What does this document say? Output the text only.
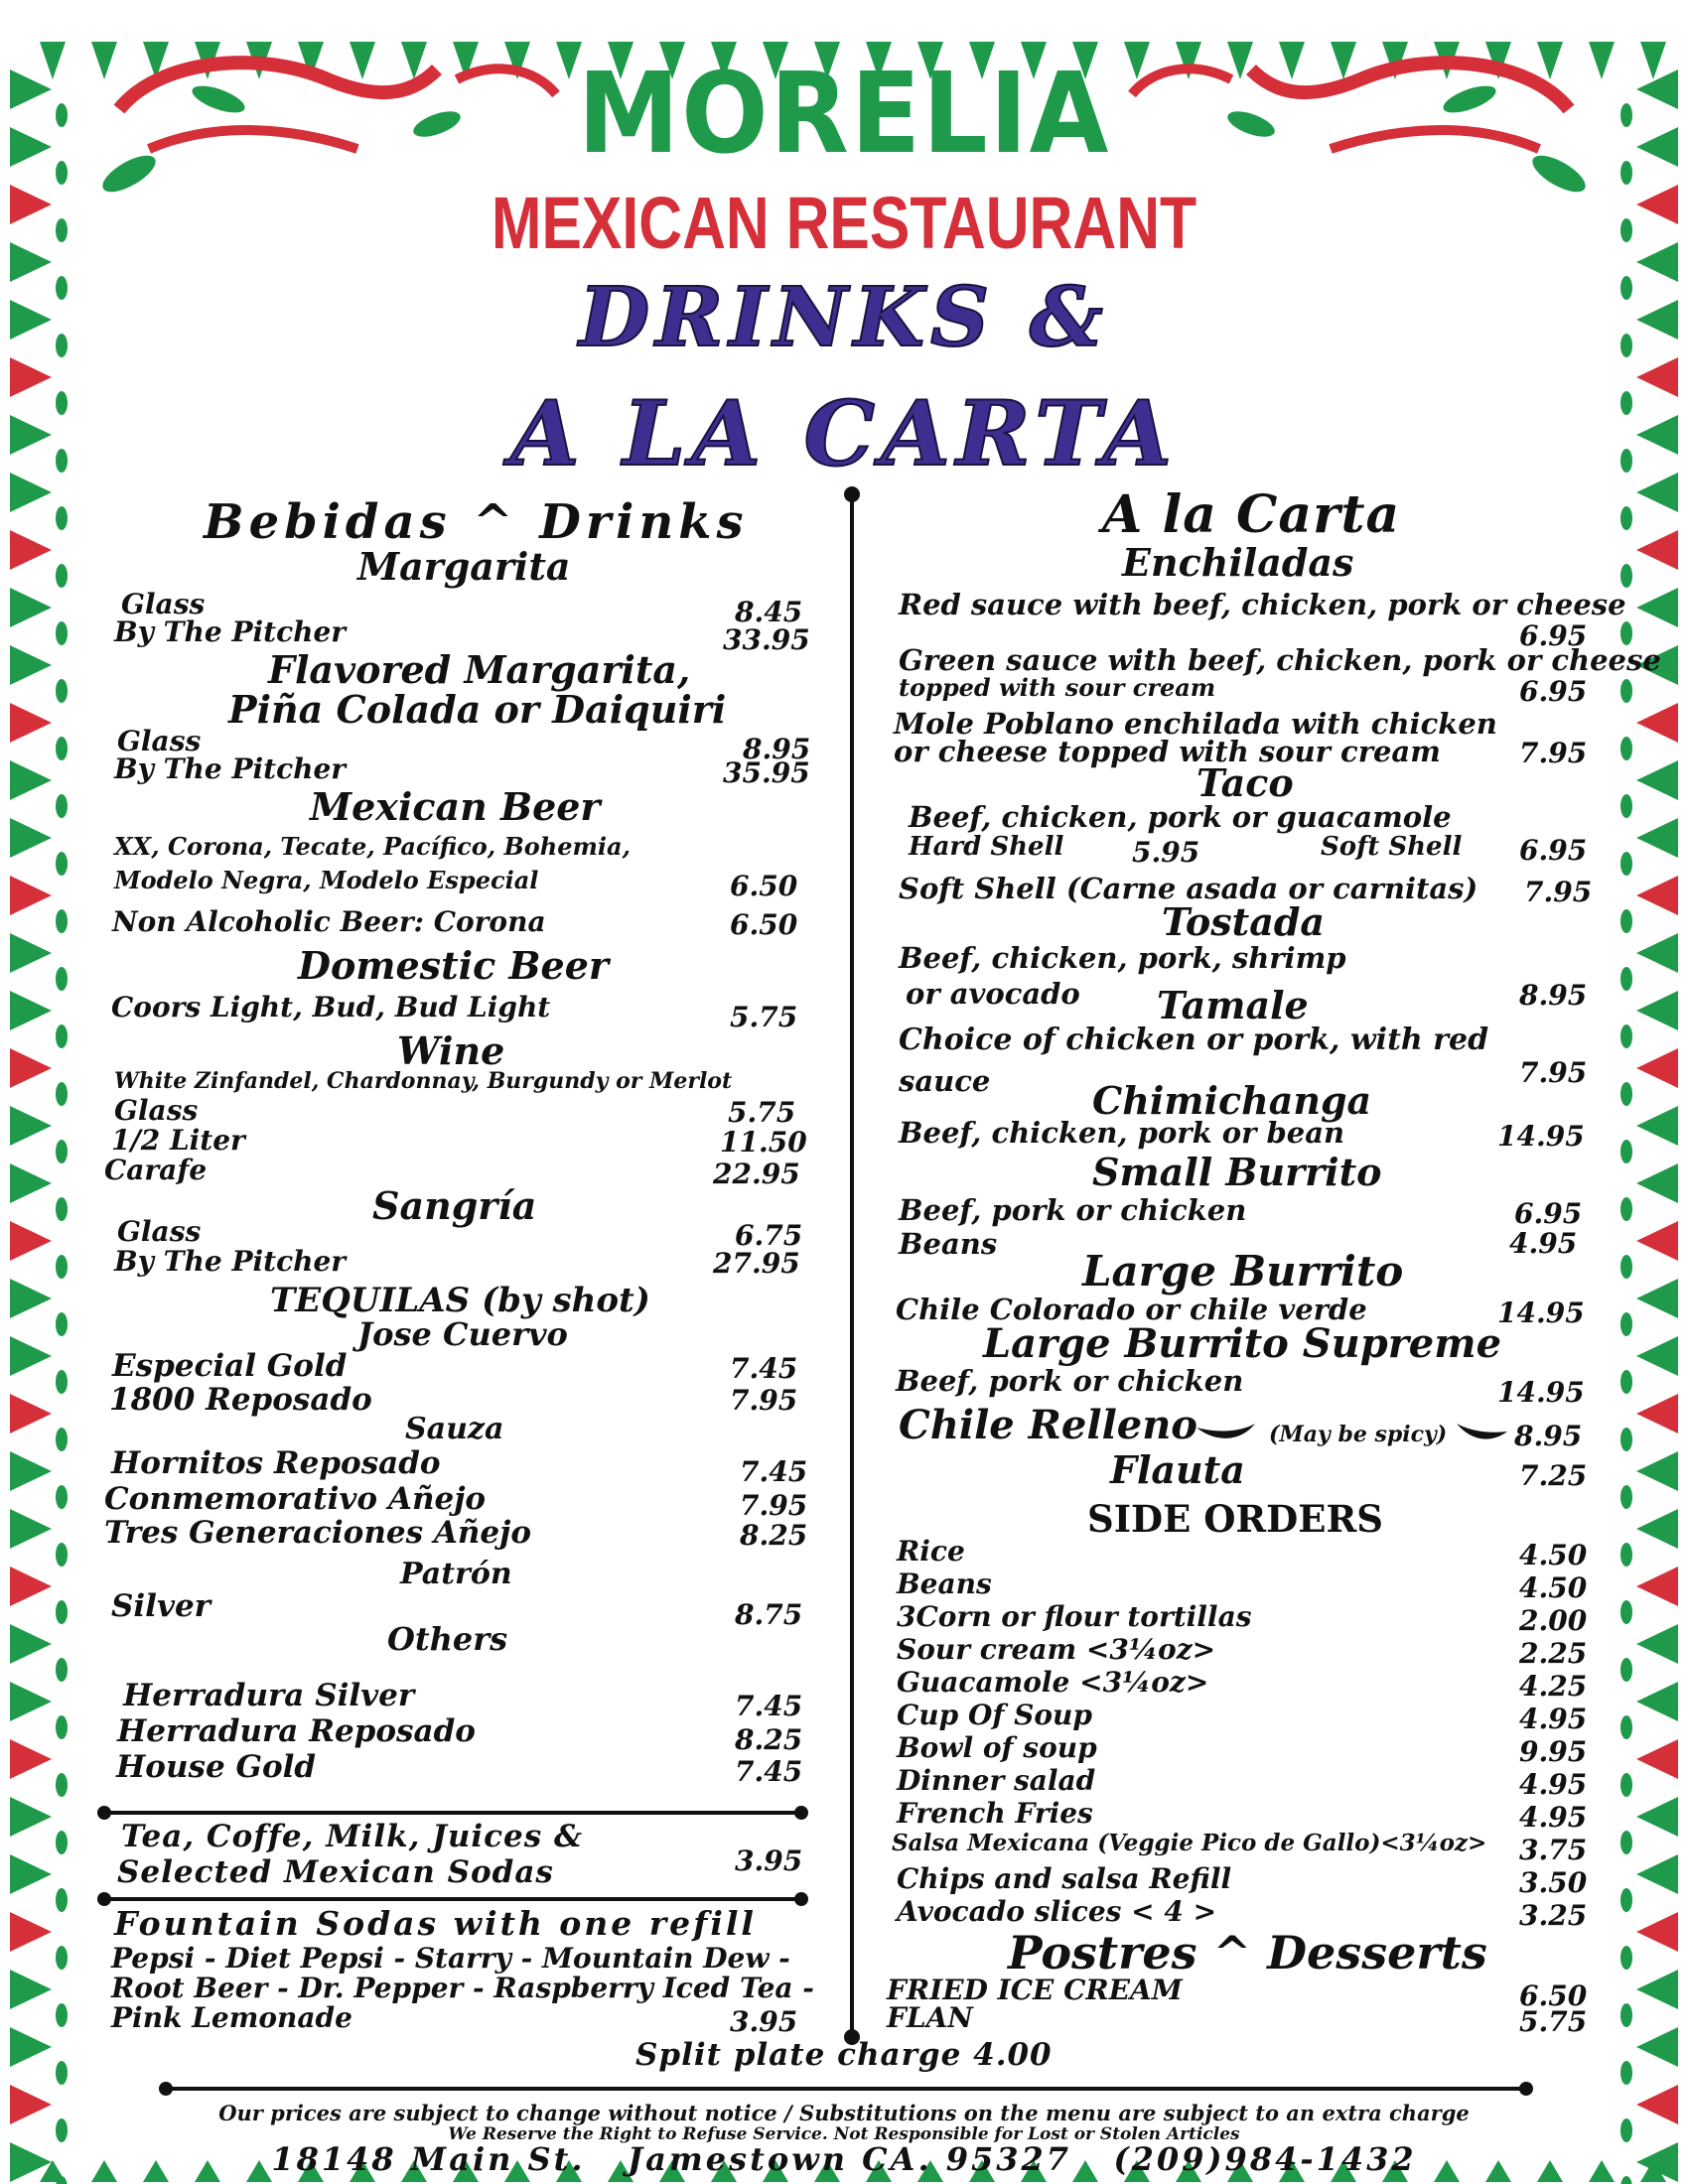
MORELIA
MEXICAN RESTAURANT
DRINKS &
A LA CARTA
Bebidas ^ Drinks
Margarita
Glass	8.45
By The Pitcher	33.95
Flavored Margarita,
Piña Colada or Daiquiri
Glass	8.95
By The Pitcher	35.95
Mexican Beer
XX, Corona, Tecate, Pacífico, Bohemia,
Modelo Negra, Modelo Especial	6.50
Non Alcoholic Beer: Corona	6.50
Domestic Beer
Coors Light, Bud, Bud Light	5.75
Wine
White Zinfandel, Chardonnay, Burgundy or Merlot
Glass	5.75
1/2 Liter	11.50
Carafe	22.95
Sangría
Glass	6.75
By The Pitcher	27.95
TEQUILAS (by shot)
Jose Cuervo
Especial Gold	7.45
1800 Reposado	7.95
Sauza
Hornitos Reposado	7.45
Conmemorativo Añejo	7.95
Tres Generaciones Añejo	8.25
Patrón
Silver	8.75
Others
Herradura Silver	7.45
Herradura Reposado	8.25
House Gold	7.45
Tea, Coffe, Milk, Juices &
Selected Mexican Sodas	3.95
Fountain Sodas with one refill
Pepsi - Diet Pepsi - Starry - Mountain Dew -
Root Beer - Dr. Pepper - Raspberry Iced Tea -
Pink Lemonade	3.95
A la Carta
Enchiladas
Red sauce with beef, chicken, pork or cheese
6.95
Green sauce with beef, chicken, pork or cheese
topped with sour cream	6.95
Mole Poblano enchilada with chicken
or cheese topped with sour cream	7.95
Taco
Beef, chicken, pork or guacamole
Hard Shell 5.95	Soft Shell 6.95
Soft Shell (Carne asada or carnitas) 7.95
Tostada
Beef, chicken, pork, shrimp
or avocado	8.95
Tamale
Choice of chicken or pork, with red
sauce	7.95
Chimichanga
Beef, chicken, pork or bean	14.95
Small Burrito
Beef, pork or chicken	6.95
Beans	4.95
Large Burrito
Chile Colorado or chile verde	14.95
Large Burrito Supreme
Beef, pork or chicken	14.95
Chile Relleno	(May be spicy) 8.95
Flauta	7.25
SIDE ORDERS
Rice	4.50
Beans	4.50
3Corn or flour tortillas	2.00
Sour cream <3¼oz>	2.25
Guacamole <3¼oz>	4.25
Cup Of Soup	4.95
Bowl of soup	9.95
Dinner salad	4.95
French Fries	4.95
Salsa Mexicana (Veggie Pico de Gallo)<3¼oz> 3.75
Chips and salsa Refill	3.50
Avocado slices < 4 >	3.25
Postres ^ Desserts
FRIED ICE CREAM	6.50
FLAN	5.75
Split plate charge 4.00
Our prices are subject to change without notice / Substitutions on the menu are subject to an extra charge
We Reserve the Right to Refuse Service. Not Responsible for Lost or Stolen Articles
18148 Main St.   Jamestown CA. 95327   (209)984-1432
